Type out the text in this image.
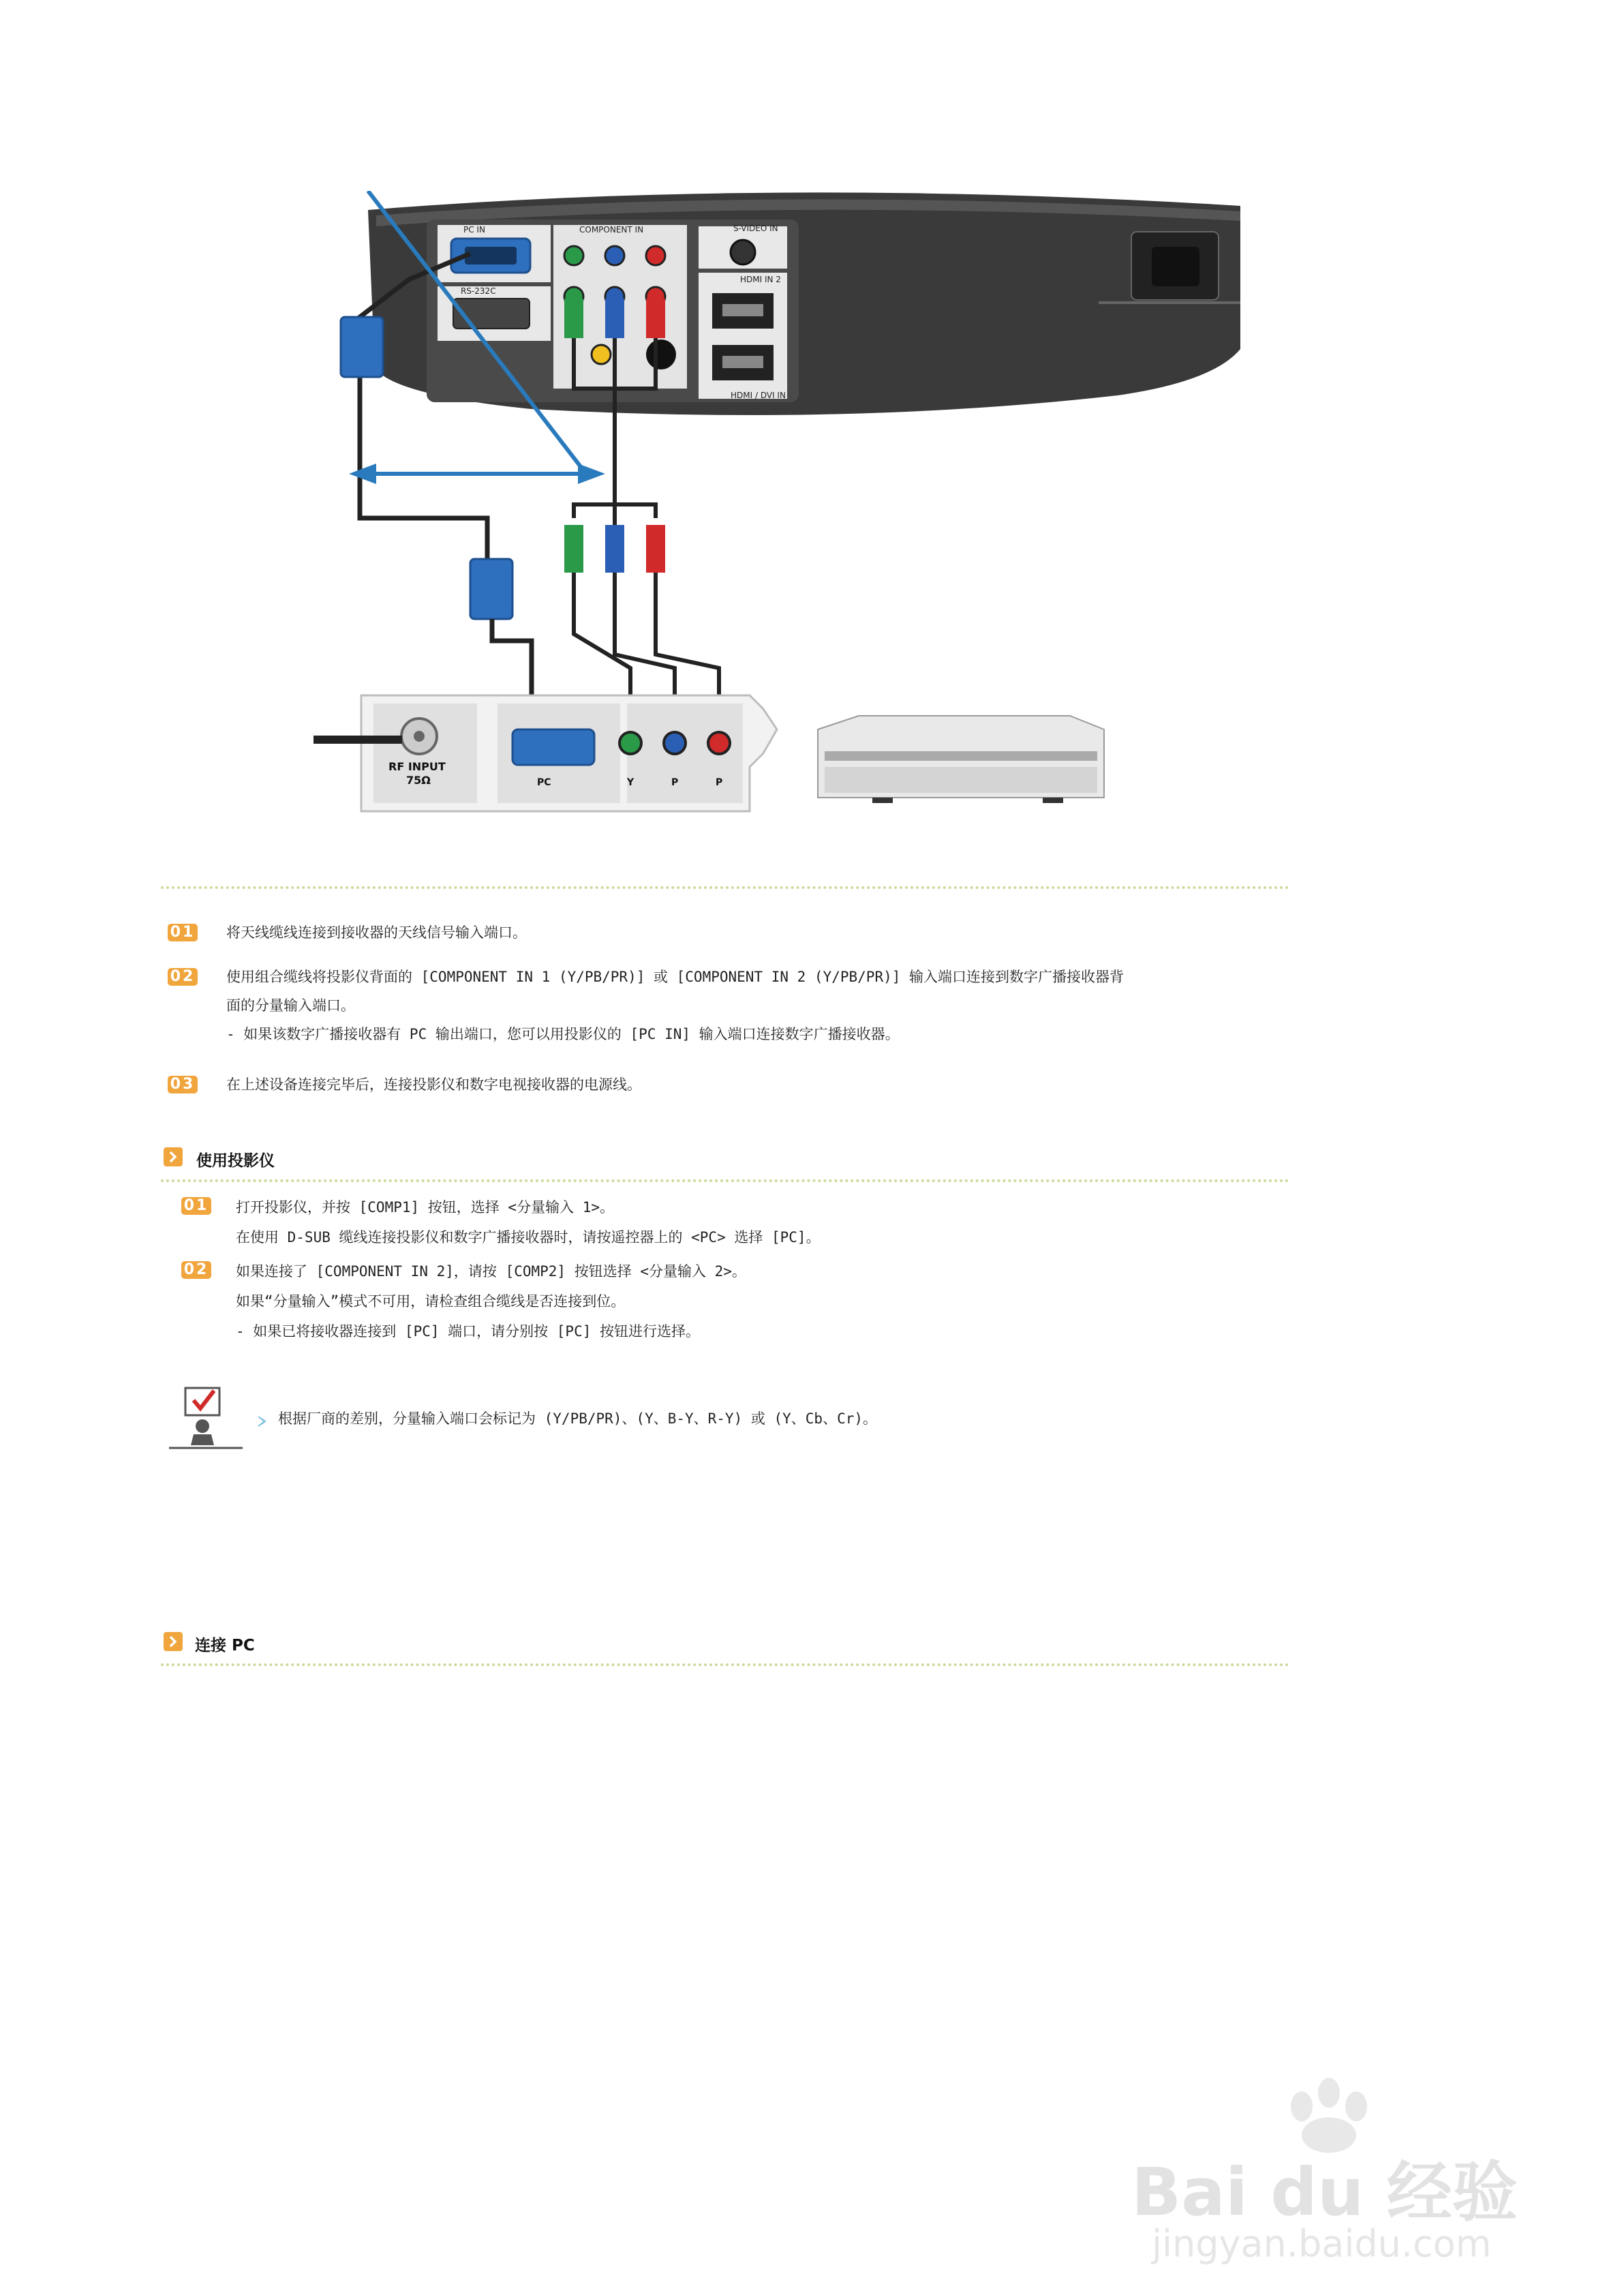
PC IN
RS-232C
COMPONENT IN	S-VIDEO IN
HDMI IN 2
HDMI / DVI IN
RF INPUT
75Ω	PC	Y	P	P
01 将天线缆线连接到接收器的天线信号输入端口。
02 使用组合缆线将投影仪背面的 [COMPONENT IN 1 (Y/PB/PR)] 或 [COMPONENT IN 2 (Y/PB/PR)] 输入端口连接到数字广播接收器背
面的分量输入端口。
- 如果该数字广播接收器有 PC 输出端口，您可以用投影仪的 [PC IN] 输入端口连接数字广播接收器。
03 在上述设备连接完毕后，连接投影仪和数字电视接收器的电源线。
使用投影仪
01 打开投影仪，并按 [COMP1] 按钮，选择 <分量输入 1>。
在使用 D-SUB 缆线连接投影仪和数字广播接收器时，请按遥控器上的 <PC> 选择 [PC]。
02 如果连接了 [COMPONENT IN 2]，请按 [COMP2] 按钮选择 <分量输入 2>。
如果“分量输入”模式不可用，请检查组合缆线是否连接到位。
- 如果已将接收器连接到 [PC] 端口，请分别按 [PC] 按钮进行选择。
根据厂商的差别，分量输入端口会标记为 (Y/PB/PR)、(Y、B-Y、R-Y) 或 (Y、Cb、Cr)。
连接 PC
Bai du 经验
jingyan.baidu.com
